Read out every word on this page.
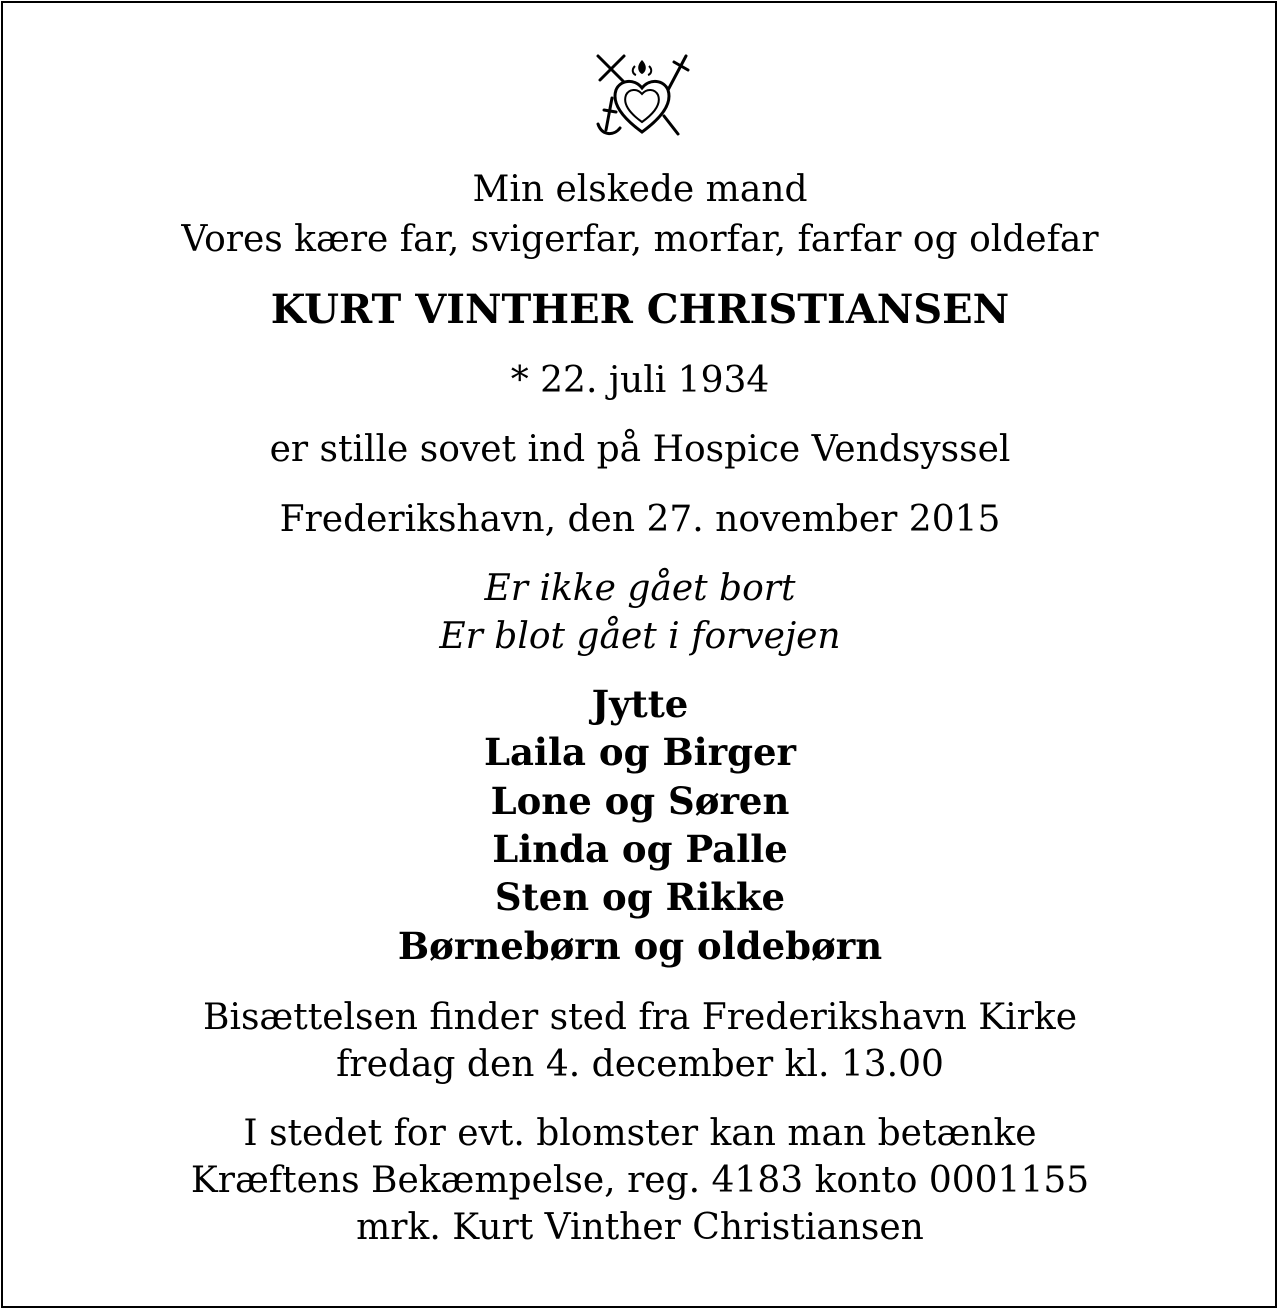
Min elskede mand
Vores kære far, svigerfar, morfar, farfar og oldefar
KURT VINTHER CHRISTIANSEN
* 22. juli 1934
er stille sovet ind på Hospice Vendsyssel
Frederikshavn, den 27. november 2015
Er ikke gået bort
Er blot gået i forvejen
Jytte
Laila og Birger
Lone og Søren
Linda og Palle
Sten og Rikke
Børnebørn og oldebørn
Bisættelsen finder sted fra Frederikshavn Kirke
fredag den 4. december kl. 13.00
I stedet for evt. blomster kan man betænke
Kræftens Bekæmpelse, reg. 4183 konto 0001155
mrk. Kurt Vinther Christiansen
